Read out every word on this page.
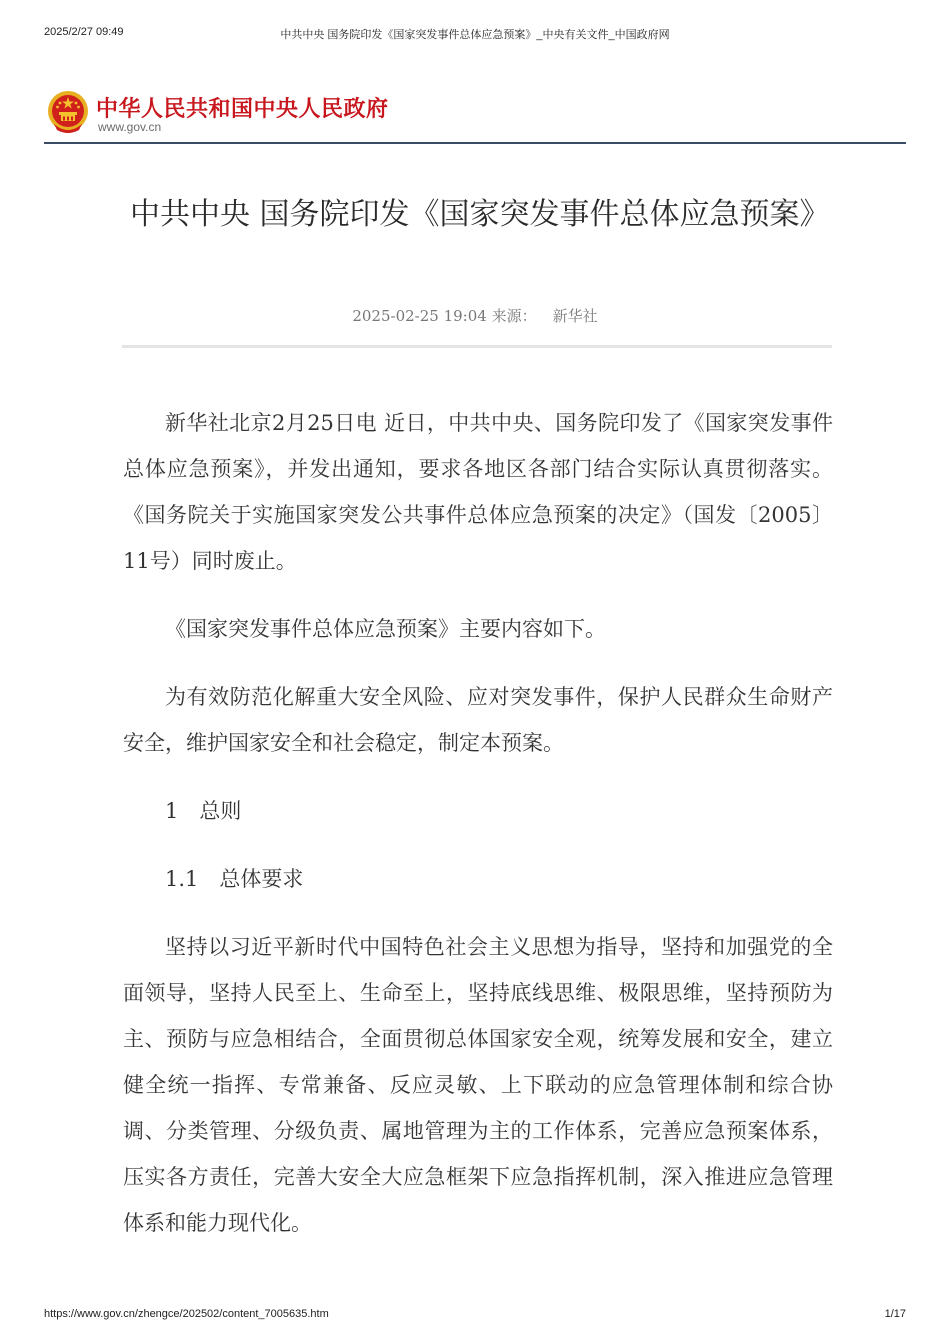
2025/2/27 09:49	中共中央 国务院印发《国家突发事件总体应急预案》_中央有关文件_中国政府网
中华人民共和国中央人民政府
www.gov.cn
中共中央 国务院印发《国家突发事件总体应急预案》
2025-02-25 19:04 来源： 新华社

新华社北京2月25日电 近日，中共中央、国务院印发了《国家突发事件总体应急预案》，并发出通知，要求各地区各部门结合实际认真贯彻落实。《国务院关于实施国家突发公共事件总体应急预案的决定》（国发〔2005〕11号）同时废止。

《国家突发事件总体应急预案》主要内容如下。

为有效防范化解重大安全风险、应对突发事件，保护人民群众生命财产安全，维护国家安全和社会稳定，制定本预案。

1　总则

1.1　总体要求

坚持以习近平新时代中国特色社会主义思想为指导，坚持和加强党的全面领导，坚持人民至上、生命至上，坚持底线思维、极限思维，坚持预防为主、预防与应急相结合，全面贯彻总体国家安全观，统筹发展和安全，建立健全统一指挥、专常兼备、反应灵敏、上下联动的应急管理体制和综合协调、分类管理、分级负责、属地管理为主的工作体系，完善应急预案体系，压实各方责任，完善大安全大应急框架下应急指挥机制，深入推进应急管理体系和能力现代化。

https://www.gov.cn/zhengce/202502/content_7005635.htm	1/17
